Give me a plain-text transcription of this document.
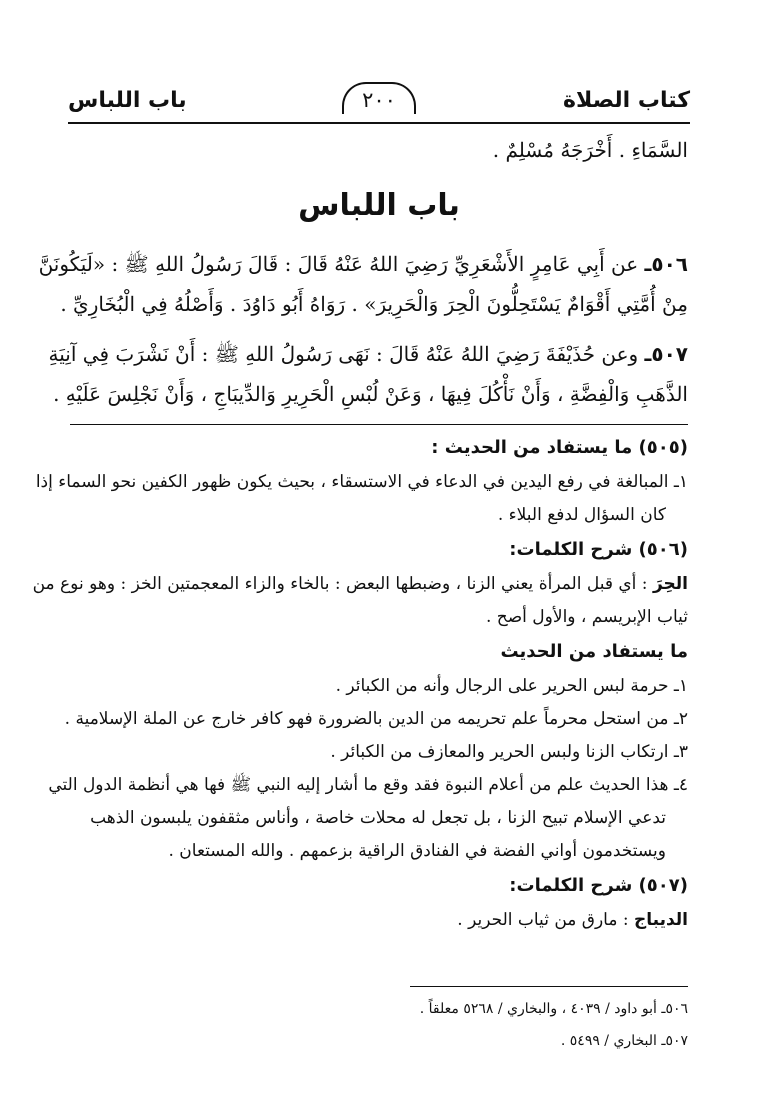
كتاب الصلاة
٢٠٠
باب اللباس
السَّمَاءِ . أَخْرَجَهُ مُسْلِمٌ .
باب اللباس
٥٠٦ـ عن أَبِي عَامِرٍ الأَشْعَرِيِّ رَضِيَ اللهُ عَنْهُ قَالَ : قَالَ رَسُولُ اللهِ ﷺ : «لَيَكُونَنَّ
مِنْ أُمَّتِي أَقْوَامٌ يَسْتَحِلُّونَ الْحِرَ وَالْحَرِيرَ» . رَوَاهُ أَبُو دَاوُدَ . وَأَصْلُهُ فِي الْبُخَارِيِّ .
٥٠٧ـ وعن حُذَيْفَةَ رَضِيَ اللهُ عَنْهُ قَالَ : نَهَى رَسُولُ اللهِ ﷺ : أَنْ نَشْرَبَ فِي آنِيَةِ
الذَّهَبِ وَالْفِضَّةِ ، وَأَنْ نَأْكُلَ فِيهَا ، وَعَنْ لُبْسِ الْحَرِيرِ وَالدِّيبَاجِ ، وَأَنْ نَجْلِسَ عَلَيْهِ .
(٥٠٥) ما يستفاد من الحديث :
١ـ المبالغة في رفع اليدين في الدعاء في الاستسقاء ، بحيث يكون ظهور الكفين نحو السماء إذا
كان السؤال لدفع البلاء .
(٥٠٦) شرح الكلمات:
الحِرَ : أي قبل المرأة يعني الزنا ، وضبطها البعض : بالخاء والزاء المعجمتين الخز : وهو نوع من
ثياب الإبريسم ، والأول أصح .
ما يستفاد من الحديث
١ـ حرمة لبس الحرير على الرجال وأنه من الكبائر .
٢ـ من استحل محرماً علم تحريمه من الدين بالضرورة فهو كافر خارج عن الملة الإسلامية .
٣ـ ارتكاب الزنا ولبس الحرير والمعازف من الكبائر .
٤ـ هذا الحديث علم من أعلام النبوة فقد وقع ما أشار إليه النبي ﷺ فها هي أنظمة الدول التي
تدعي الإسلام تبيح الزنا ، بل تجعل له محلات خاصة ، وأناس مثقفون يلبسون الذهب
ويستخدمون أواني الفضة في الفنادق الراقية بزعمهم . والله المستعان .
(٥٠٧) شرح الكلمات:
الديباج : مارق من ثياب الحرير .
٥٠٦ـ أبو داود / ٤٠٣٩ ، والبخاري / ٥٢٦٨ معلقاً .
٥٠٧ـ البخاري / ٥٤٩٩ .
